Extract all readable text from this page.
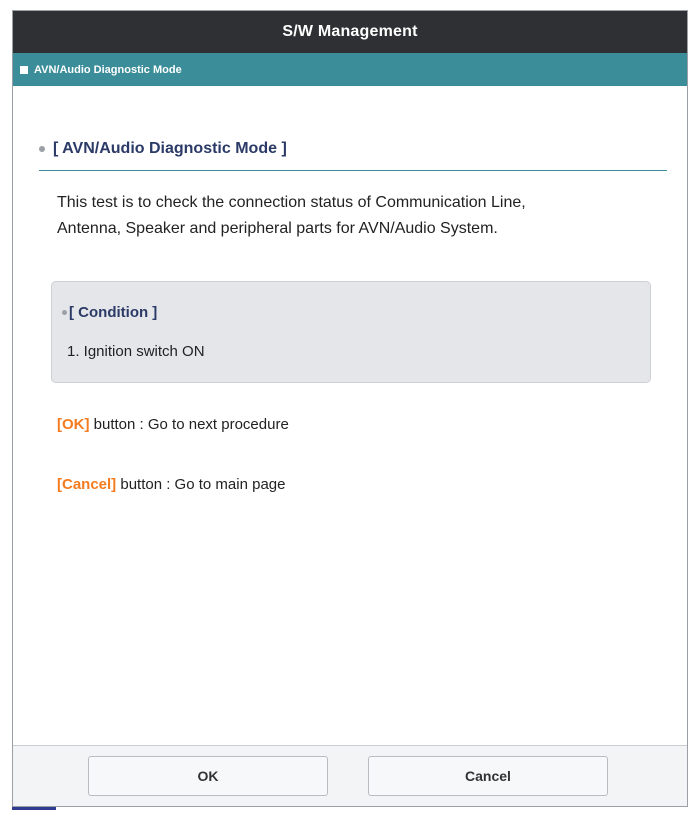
S/W Management
AVN/Audio Diagnostic Mode
[ AVN/Audio Diagnostic Mode ]
This test is to check the connection status of Communication Line,
Antenna, Speaker and peripheral parts for AVN/Audio System.
[ Condition ]
1. Ignition switch ON
[OK] button : Go to next procedure
[Cancel] button : Go to main page
OK	Cancel
